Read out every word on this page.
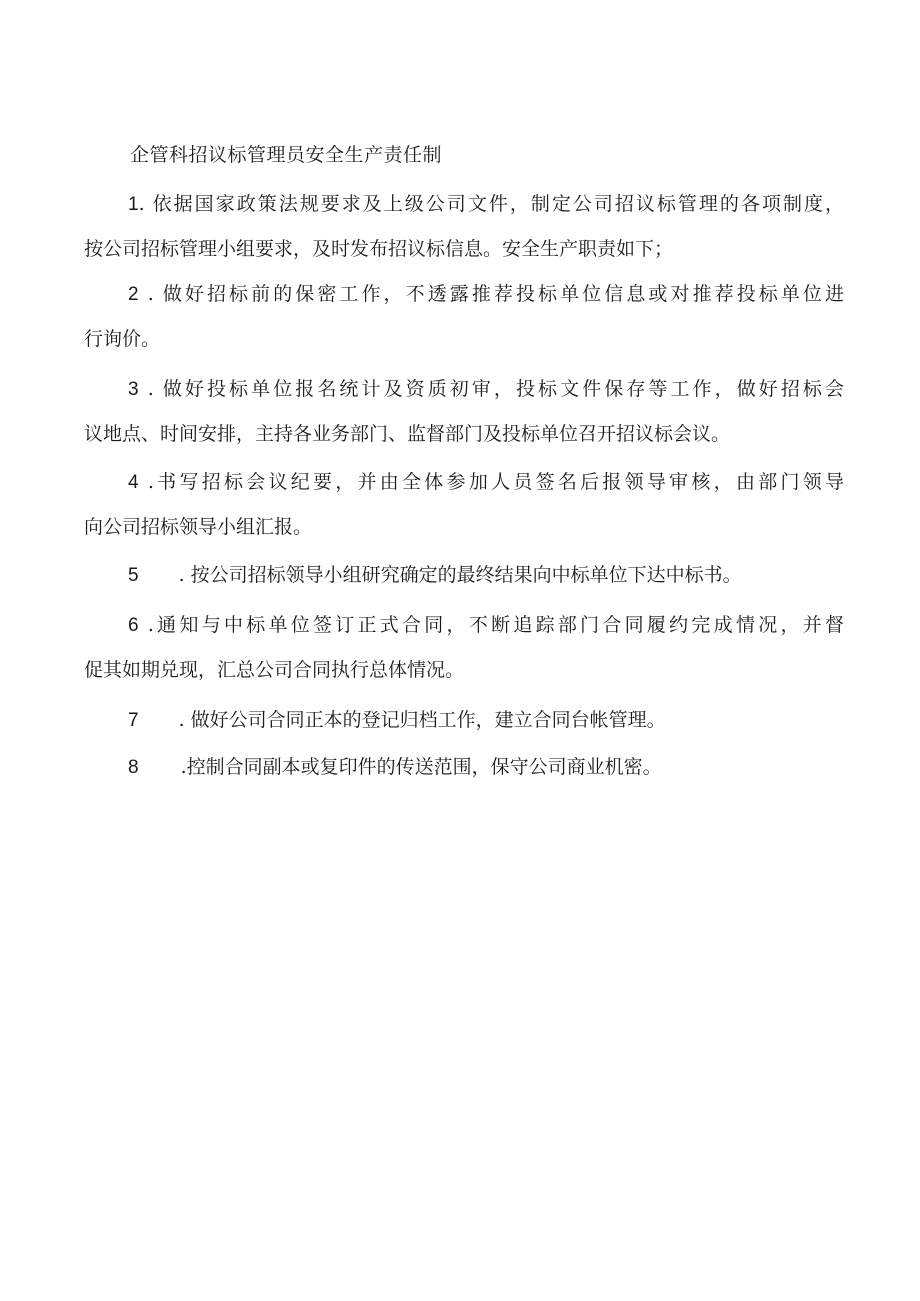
企管科招议标管理员安全生产责任制
1. 依据国家政策法规要求及上级公司文件，制定公司招议标管理的各项制度，
按公司招标管理小组要求，及时发布招议标信息。安全生产职责如下；
2 . 做好招标前的保密工作，不透露推荐投标单位信息或对推荐投标单位进
行询价。
3 . 做好投标单位报名统计及资质初审，投标文件保存等工作，做好招标会
议地点、时间安排，主持各业务部门、监督部门及投标单位召开招议标会议。
4 .书写招标会议纪要，并由全体参加人员签名后报领导审核，由部门领导
向公司招标领导小组汇报。
5 . 按公司招标领导小组研究确定的最终结果向中标单位下达中标书。
6 .通知与中标单位签订正式合同，不断追踪部门合同履约完成情况，并督
促其如期兑现，汇总公司合同执行总体情况。
7 . 做好公司合同正本的登记归档工作，建立合同台帐管理。
8 .控制合同副本或复印件的传送范围，保守公司商业机密。
